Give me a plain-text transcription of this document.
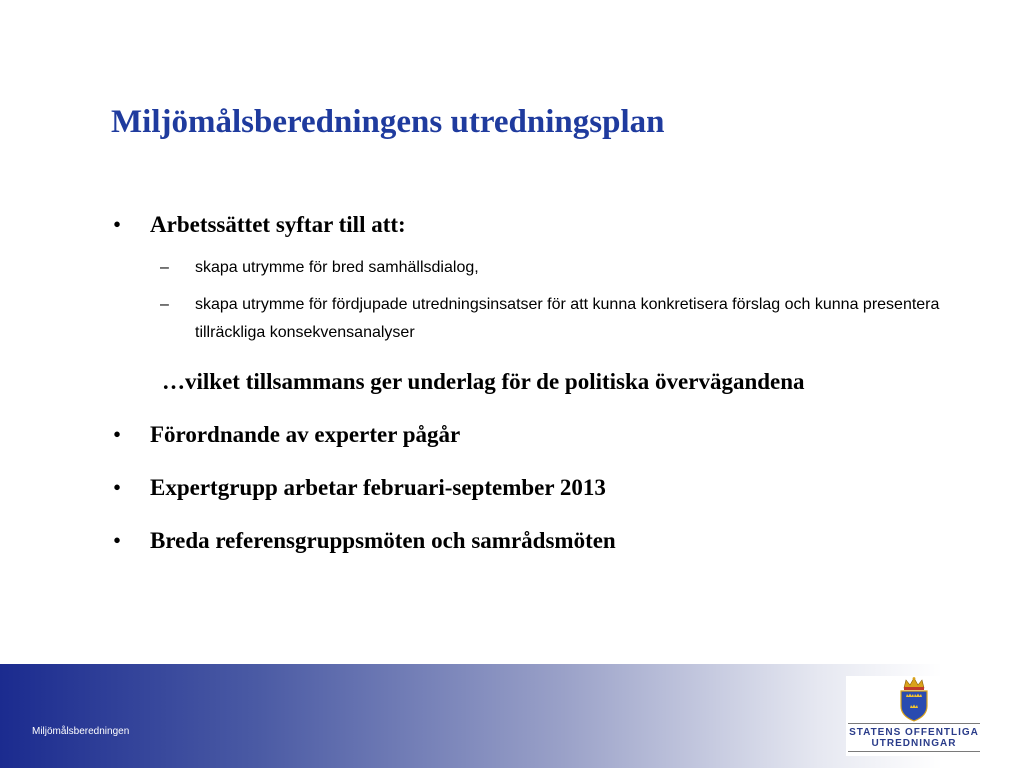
Miljömålsberedningens utredningsplan
• Arbetssättet syftar till att:
–	skapa utrymme för bred samhällsdialog,
–	skapa utrymme för fördjupade utredningsinsatser för att kunna konkretisera förslag och kunna presentera tillräckliga konsekvensanalyser
…vilket tillsammans ger underlag för de politiska övervägandena
• Förordnande av experter pågår
• Expertgrupp arbetar februari-september 2013
• Breda referensgruppsmöten och samrådsmöten
Miljömålsberedningen	STATENS OFFENTLIGA
UTREDNINGAR
